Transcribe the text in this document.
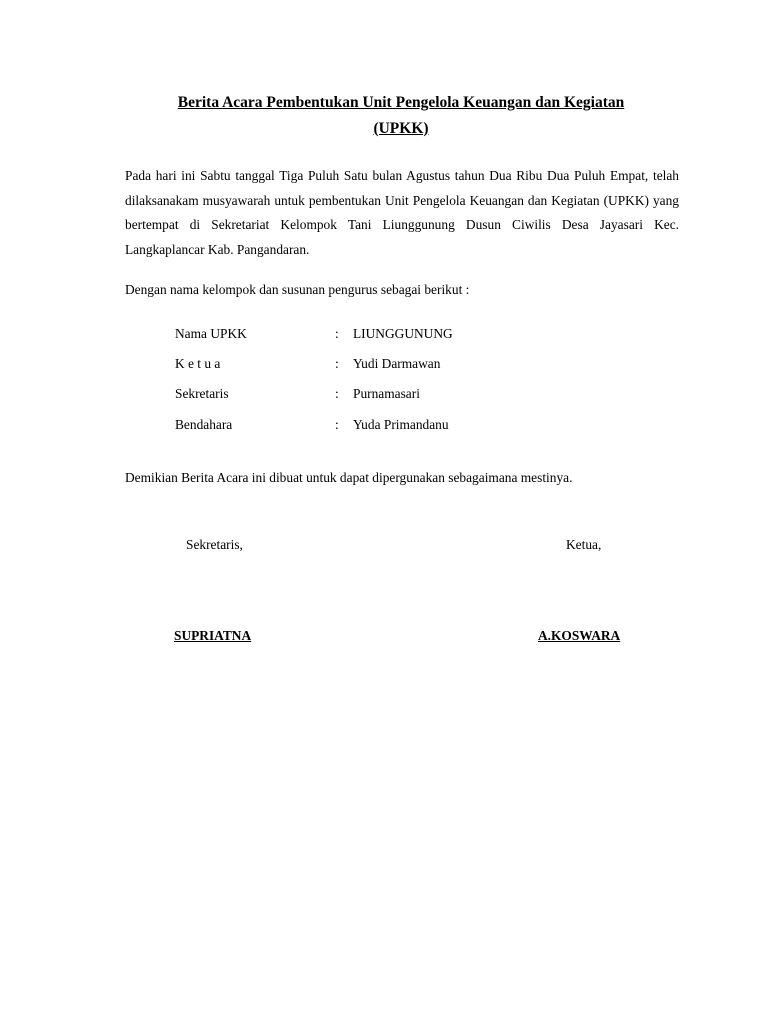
Berita Acara Pembentukan Unit Pengelola Keuangan dan Kegiatan
(UPKK)
Pada hari ini Sabtu tanggal Tiga Puluh Satu bulan Agustus tahun Dua Ribu Dua Puluh Empat, telah dilaksanakam musyawarah untuk pembentukan Unit Pengelola Keuangan dan Kegiatan (UPKK) yang bertempat di Sekretariat Kelompok Tani Liunggunung Dusun Ciwilis Desa Jayasari Kec. Langkaplancar Kab. Pangandaran.
Dengan nama kelompok dan susunan pengurus sebagai berikut :
Nama UPKK	: LIUNGGUNUNG
K e t u a	: Yudi Darmawan
Sekretaris	: Purnamasari
Bendahara	: Yuda Primandanu
Demikian Berita Acara ini dibuat untuk dapat dipergunakan sebagaimana mestinya.
Sekretaris,	Ketua,
SUPRIATNA	A.KOSWARA
